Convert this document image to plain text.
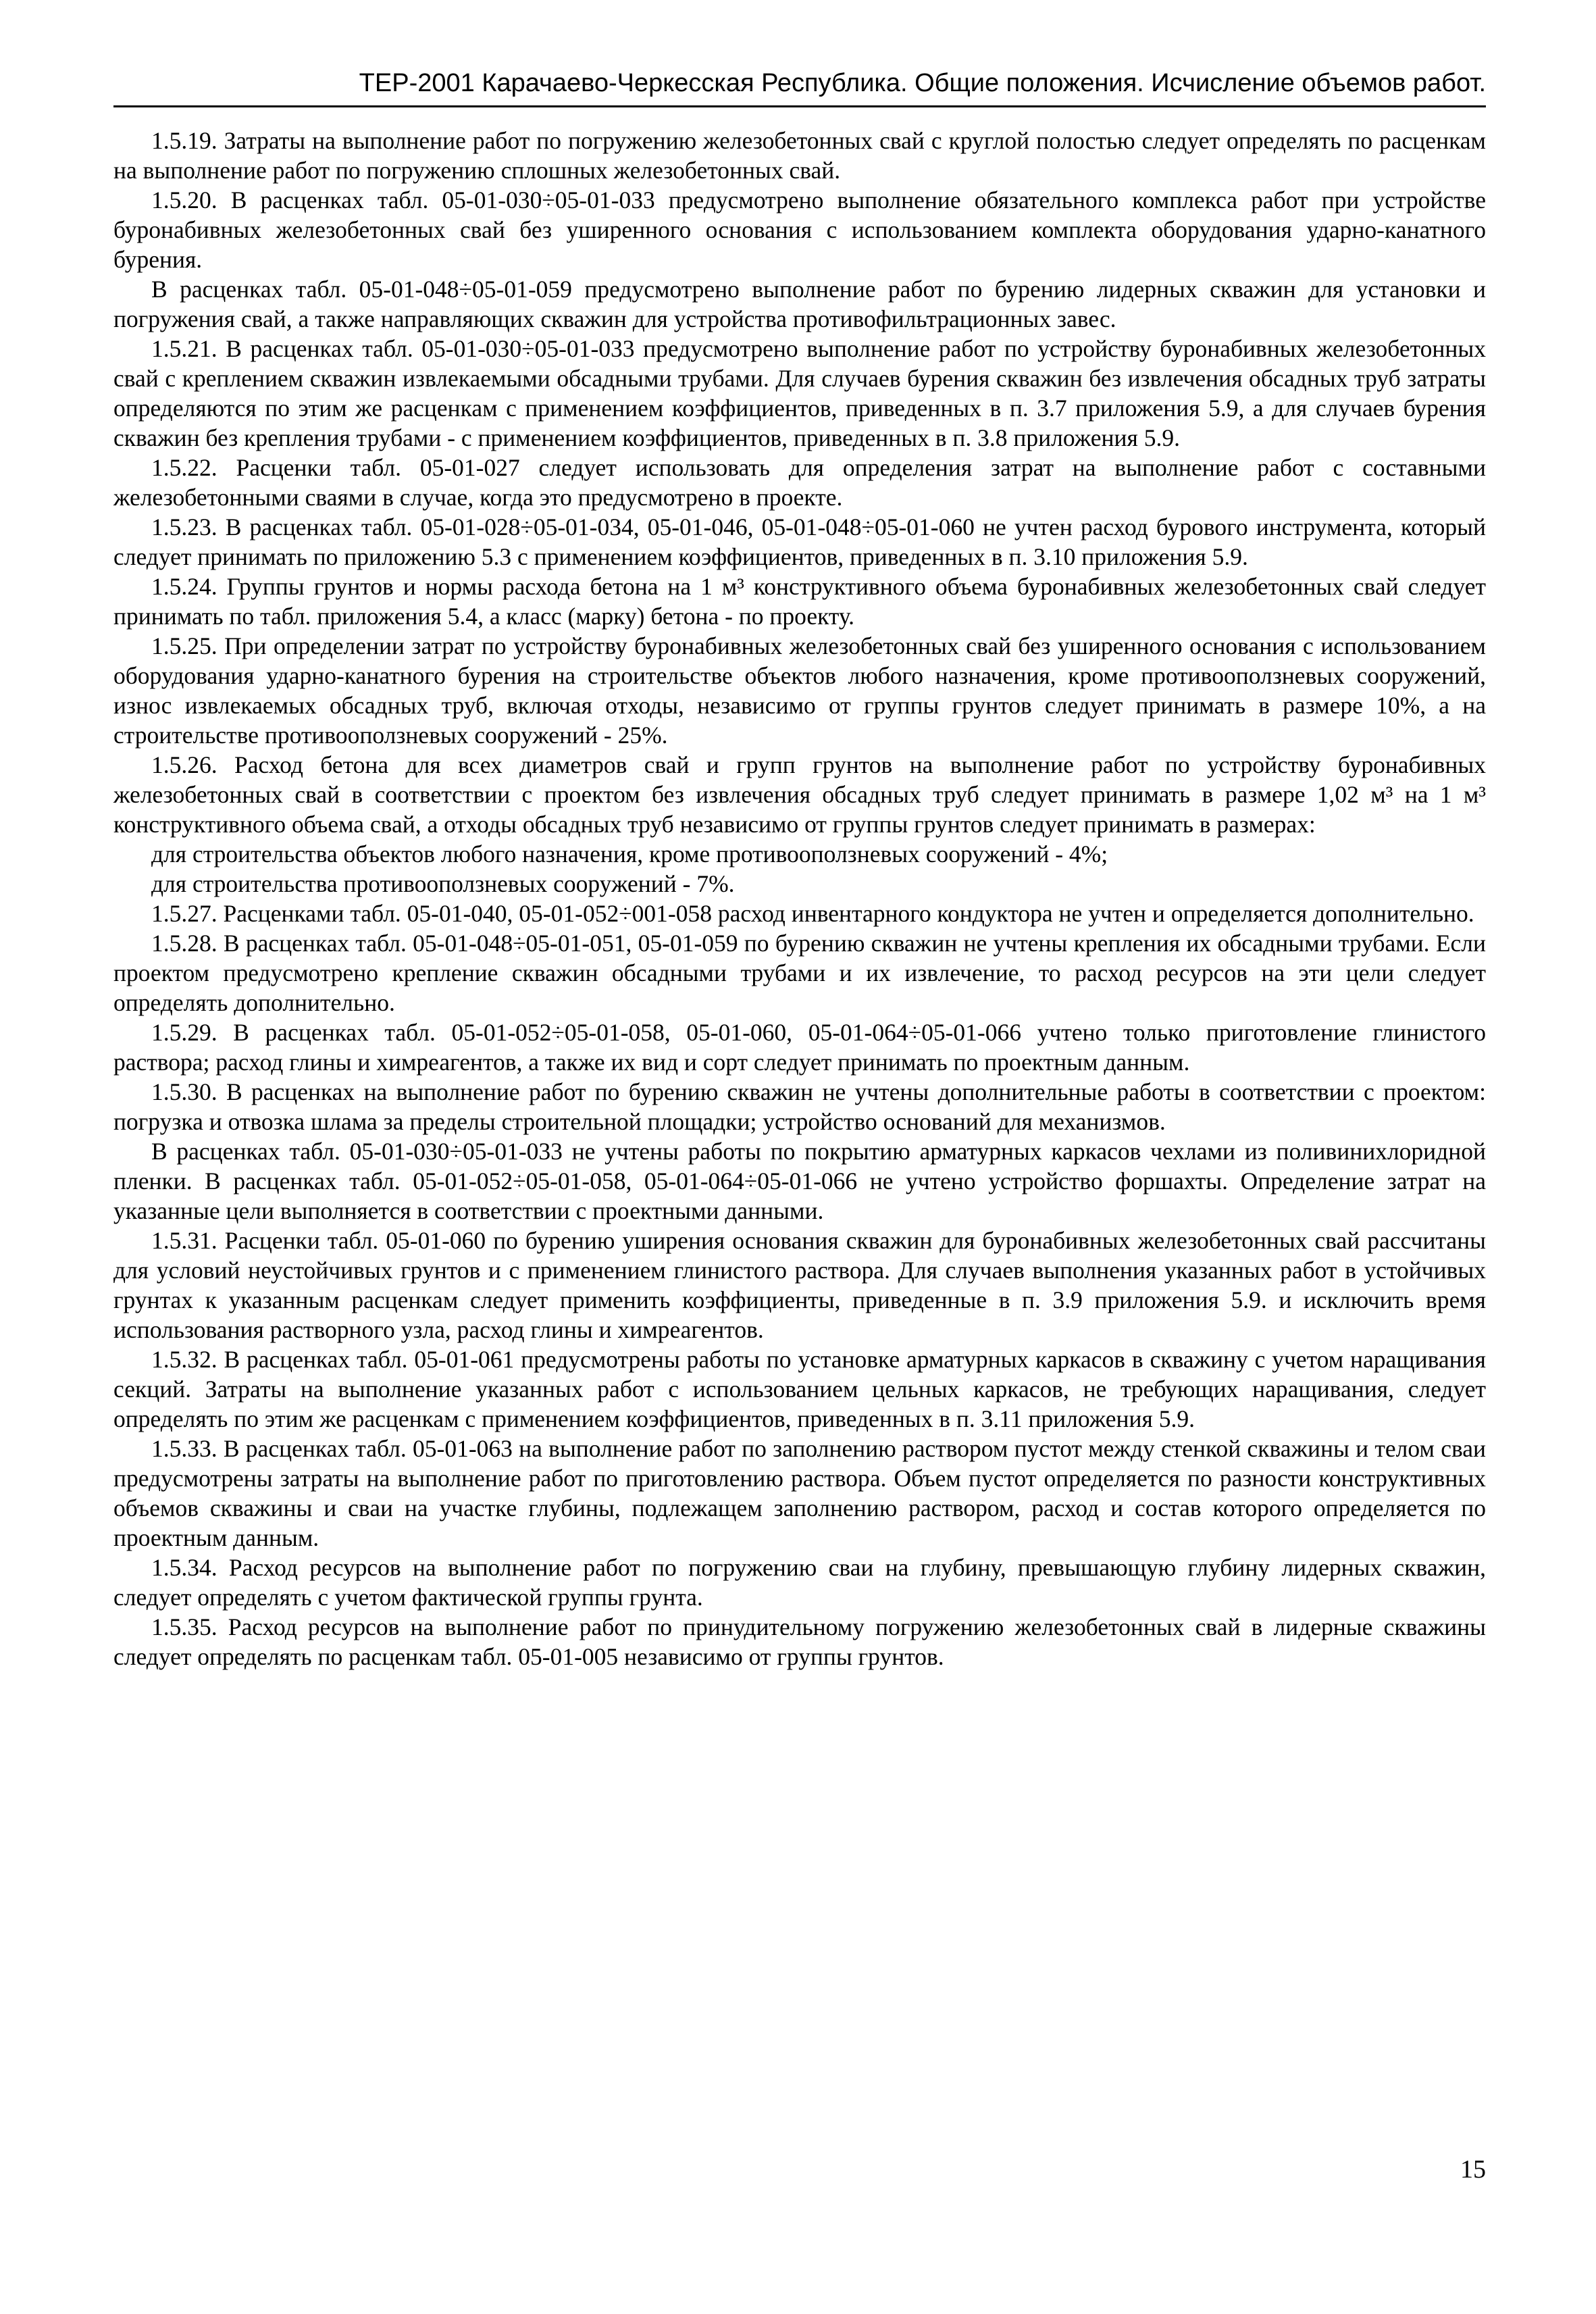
ТЕР-2001 Карачаево-Черкесская Республика. Общие положения. Исчисление объемов работ.

1.5.19. Затраты на выполнение работ по погружению железобетонных свай с круглой полостью следует определять по расценкам на выполнение работ по погружению сплошных железобетонных свай.

1.5.20. В расценках табл. 05-01-030÷05-01-033 предусмотрено выполнение обязательного комплекса работ при устройстве буронабивных железобетонных свай без уширенного основания с использованием комплекта оборудования ударно-канатного бурения.

В расценках табл. 05-01-048÷05-01-059 предусмотрено выполнение работ по бурению лидерных скважин для установки и погружения свай, а также направляющих скважин для устройства противофильтрационных завес.

1.5.21. В расценках табл. 05-01-030÷05-01-033 предусмотрено выполнение работ по устройству буронабивных железобетонных свай с креплением скважин извлекаемыми обсадными трубами. Для случаев бурения скважин без извлечения обсадных труб затраты определяются по этим же расценкам с применением коэффициентов, приведенных в п. 3.7 приложения 5.9, а для случаев бурения скважин без крепления трубами - с применением коэффициентов, приведенных в п. 3.8 приложения 5.9.

1.5.22. Расценки табл. 05-01-027 следует использовать для определения затрат на выполнение работ с составными железобетонными сваями в случае, когда это предусмотрено в проекте.

1.5.23. В расценках табл. 05-01-028÷05-01-034, 05-01-046, 05-01-048÷05-01-060 не учтен расход бурового инструмента, который следует принимать по приложению 5.3 с применением коэффициентов, приведенных в п. 3.10 приложения 5.9.

1.5.24. Группы грунтов и нормы расхода бетона на 1 м³ конструктивного объема буронабивных железобетонных свай следует принимать по табл. приложения 5.4, а класс (марку) бетона - по проекту.

1.5.25. При определении затрат по устройству буронабивных железобетонных свай без уширенного основания с использованием оборудования ударно-канатного бурения на строительстве объектов любого назначения, кроме противооползневых сооружений, износ извлекаемых обсадных труб, включая отходы, независимо от группы грунтов следует принимать в размере 10%, а на строительстве противооползневых сооружений - 25%.

1.5.26. Расход бетона для всех диаметров свай и групп грунтов на выполнение работ по устройству буронабивных железобетонных свай в соответствии с проектом без извлечения обсадных труб следует принимать в размере 1,02 м³ на 1 м³ конструктивного объема свай, а отходы обсадных труб независимо от группы грунтов следует принимать в размерах:

для строительства объектов любого назначения, кроме противооползневых сооружений - 4%;

для строительства противооползневых сооружений - 7%.

1.5.27. Расценками табл. 05-01-040, 05-01-052÷001-058 расход инвентарного кондуктора не учтен и определяется дополнительно.

1.5.28. В расценках табл. 05-01-048÷05-01-051, 05-01-059 по бурению скважин не учтены крепления их обсадными трубами. Если проектом предусмотрено крепление скважин обсадными трубами и их извлечение, то расход ресурсов на эти цели следует определять дополнительно.

1.5.29. В расценках табл. 05-01-052÷05-01-058, 05-01-060, 05-01-064÷05-01-066 учтено только приготовление глинистого раствора; расход глины и химреагентов, а также их вид и сорт следует принимать по проектным данным.

1.5.30. В расценках на выполнение работ по бурению скважин не учтены дополнительные работы в соответствии с проектом: погрузка и отвозка шлама за пределы строительной площадки; устройство оснований для механизмов.

В расценках табл. 05-01-030÷05-01-033 не учтены работы по покрытию арматурных каркасов чехлами из поливинихлоридной пленки. В расценках табл. 05-01-052÷05-01-058, 05-01-064÷05-01-066 не учтено устройство форшахты. Определение затрат на указанные цели выполняется в соответствии с проектными данными.

1.5.31. Расценки табл. 05-01-060 по бурению уширения основания скважин для буронабивных железобетонных свай рассчитаны для условий неустойчивых грунтов и с применением глинистого раствора. Для случаев выполнения указанных работ в устойчивых грунтах к указанным расценкам следует применить коэффициенты, приведенные в п. 3.9 приложения 5.9. и исключить время использования растворного узла, расход глины и химреагентов.

1.5.32. В расценках табл. 05-01-061 предусмотрены работы по установке арматурных каркасов в скважину с учетом наращивания секций. Затраты на выполнение указанных работ с использованием цельных каркасов, не требующих наращивания, следует определять по этим же расценкам с применением коэффициентов, приведенных в п. 3.11 приложения 5.9.

1.5.33. В расценках табл. 05-01-063 на выполнение работ по заполнению раствором пустот между стенкой скважины и телом сваи предусмотрены затраты на выполнение работ по приготовлению раствора. Объем пустот определяется по разности конструктивных объемов скважины и сваи на участке глубины, подлежащем заполнению раствором, расход и состав которого определяется по проектным данным.

1.5.34. Расход ресурсов на выполнение работ по погружению сваи на глубину, превышающую глубину лидерных скважин, следует определять с учетом фактической группы грунта.

1.5.35. Расход ресурсов на выполнение работ по принудительному погружению железобетонных свай в лидерные скважины следует определять по расценкам табл. 05-01-005 независимо от группы грунтов.

15
